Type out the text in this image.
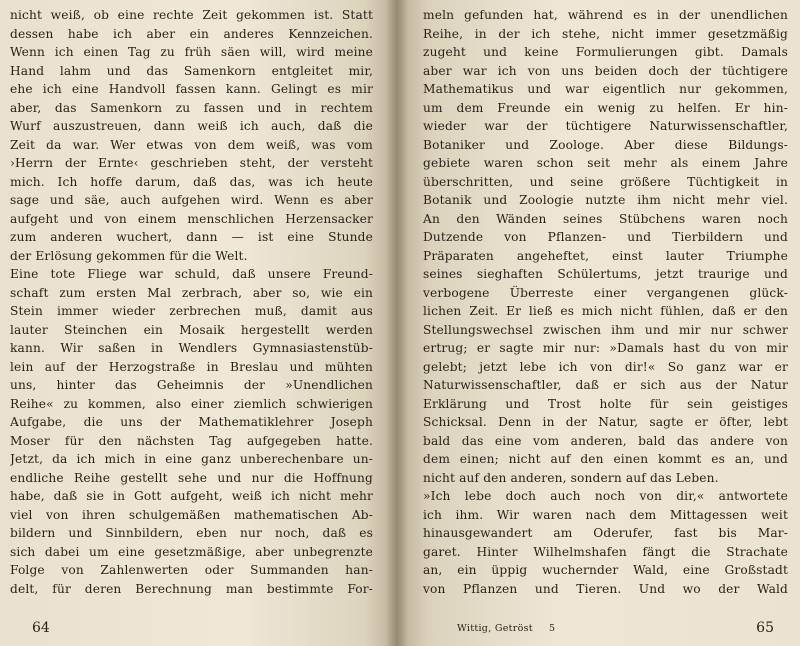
nicht weiß, ob eine rechte Zeit gekommen ist. Statt
dessen habe ich aber ein anderes Kennzeichen.
Wenn ich einen Tag zu früh säen will, wird meine
Hand lahm und das Samenkorn entgleitet mir,
ehe ich eine Handvoll fassen kann. Gelingt es mir
aber, das Samenkorn zu fassen und in rechtem
Wurf auszustreuen, dann weiß ich auch, daß die
Zeit da war. Wer etwas von dem weiß, was vom
›Herrn der Ernte‹ geschrieben steht, der versteht
mich. Ich hoffe darum, daß das, was ich heute
sage und säe, auch aufgehen wird. Wenn es aber
aufgeht und von einem menschlichen Herzensacker
zum anderen wuchert, dann — ist eine Stunde
der Erlösung gekommen für die Welt.
Eine tote Fliege war schuld, daß unsere Freund-
schaft zum ersten Mal zerbrach, aber so, wie ein
Stein immer wieder zerbrechen muß, damit aus
lauter Steinchen ein Mosaik hergestellt werden
kann. Wir saßen in Wendlers Gymnasiastenstüb-
lein auf der Herzogstraße in Breslau und mühten
uns, hinter das Geheimnis der »Unendlichen
Reihe« zu kommen, also einer ziemlich schwierigen
Aufgabe, die uns der Mathematiklehrer Joseph
Moser für den nächsten Tag aufgegeben hatte.
Jetzt, da ich mich in eine ganz unberechenbare un-
endliche Reihe gestellt sehe und nur die Hoffnung
habe, daß sie in Gott aufgeht, weiß ich nicht mehr
viel von ihren schulgemäßen mathematischen Ab-
bildern und Sinnbildern, eben nur noch, daß es
sich dabei um eine gesetzmäßige, aber unbegrenzte
Folge von Zahlenwerten oder Summanden han-
delt, für deren Berechnung man bestimmte For-
64
meln gefunden hat, während es in der unendlichen
Reihe, in der ich stehe, nicht immer gesetzmäßig
zugeht und keine Formulierungen gibt. Damals
aber war ich von uns beiden doch der tüchtigere
Mathematikus und war eigentlich nur gekommen,
um dem Freunde ein wenig zu helfen. Er hin-
wieder war der tüchtigere Naturwissenschaftler,
Botaniker und Zoologe. Aber diese Bildungs-
gebiete waren schon seit mehr als einem Jahre
überschritten, und seine größere Tüchtigkeit in
Botanik und Zoologie nutzte ihm nicht mehr viel.
An den Wänden seines Stübchens waren noch
Dutzende von Pflanzen- und Tierbildern und
Präparaten angeheftet, einst lauter Triumphe
seines sieghaften Schülertums, jetzt traurige und
verbogene Überreste einer vergangenen glück-
lichen Zeit. Er ließ es mich nicht fühlen, daß er den
Stellungswechsel zwischen ihm und mir nur schwer
ertrug; er sagte mir nur: »Damals hast du von mir
gelebt; jetzt lebe ich von dir!« So ganz war er
Naturwissenschaftler, daß er sich aus der Natur
Erklärung und Trost holte für sein geistiges
Schicksal. Denn in der Natur, sagte er öfter, lebt
bald das eine vom anderen, bald das andere von
dem einen; nicht auf den einen kommt es an, und
nicht auf den anderen, sondern auf das Leben.
»Ich lebe doch auch noch von dir,« antwortete
ich ihm. Wir waren nach dem Mittagessen weit
hinausgewandert am Oderufer, fast bis Mar-
garet. Hinter Wilhelmshafen fängt die Strachate
an, ein üppig wuchernder Wald, eine Großstadt
von Pflanzen und Tieren. Und wo der Wald
Wittig, Getröst 5	65
